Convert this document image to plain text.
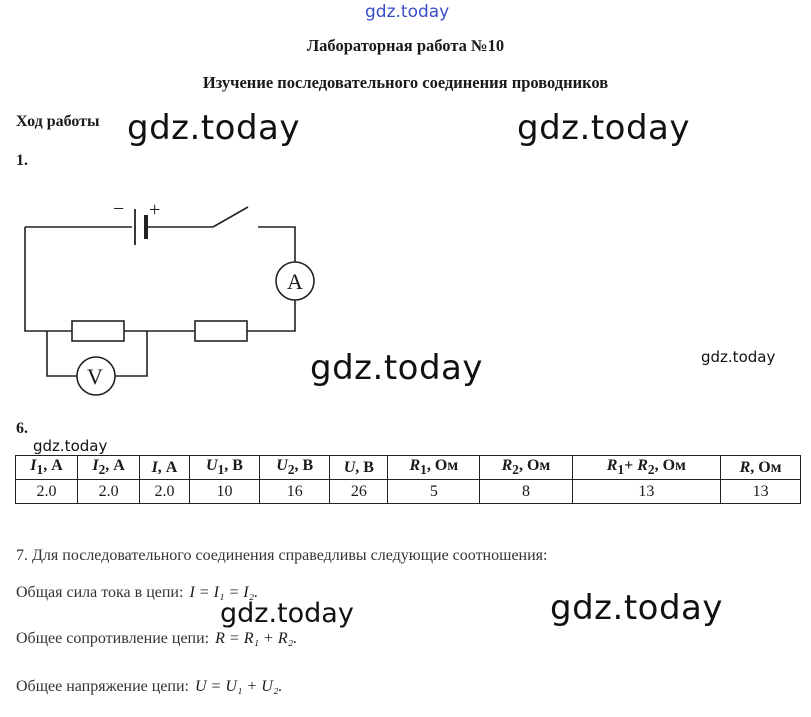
gdz.today
Лабораторная работа №10
Изучение последовательного соединения проводников
Ход работы
1.
− +
A
V
gdz.today	gdz.today
gdz.today	gdz.today
6.
gdz.today
$I_1$, А	$I_2$, А	I, А	$U_1$, В	$U_2$, В	U, В	$R_1$, Ом	$R_2$, Ом	$R_1+ R_2$, Ом	R, Ом
2.0	2.0	2.0	10	16	26	5	8	13	13
7. Для последовательного соединения справедливы следующие соотношения:
Общая сила тока в цепи: I = I₁ = I₂.
Общее сопротивление цепи: R = R₁ + R₂.
Общее напряжение цепи: U = U₁ + U₂.
gdz.today	gdz.today
